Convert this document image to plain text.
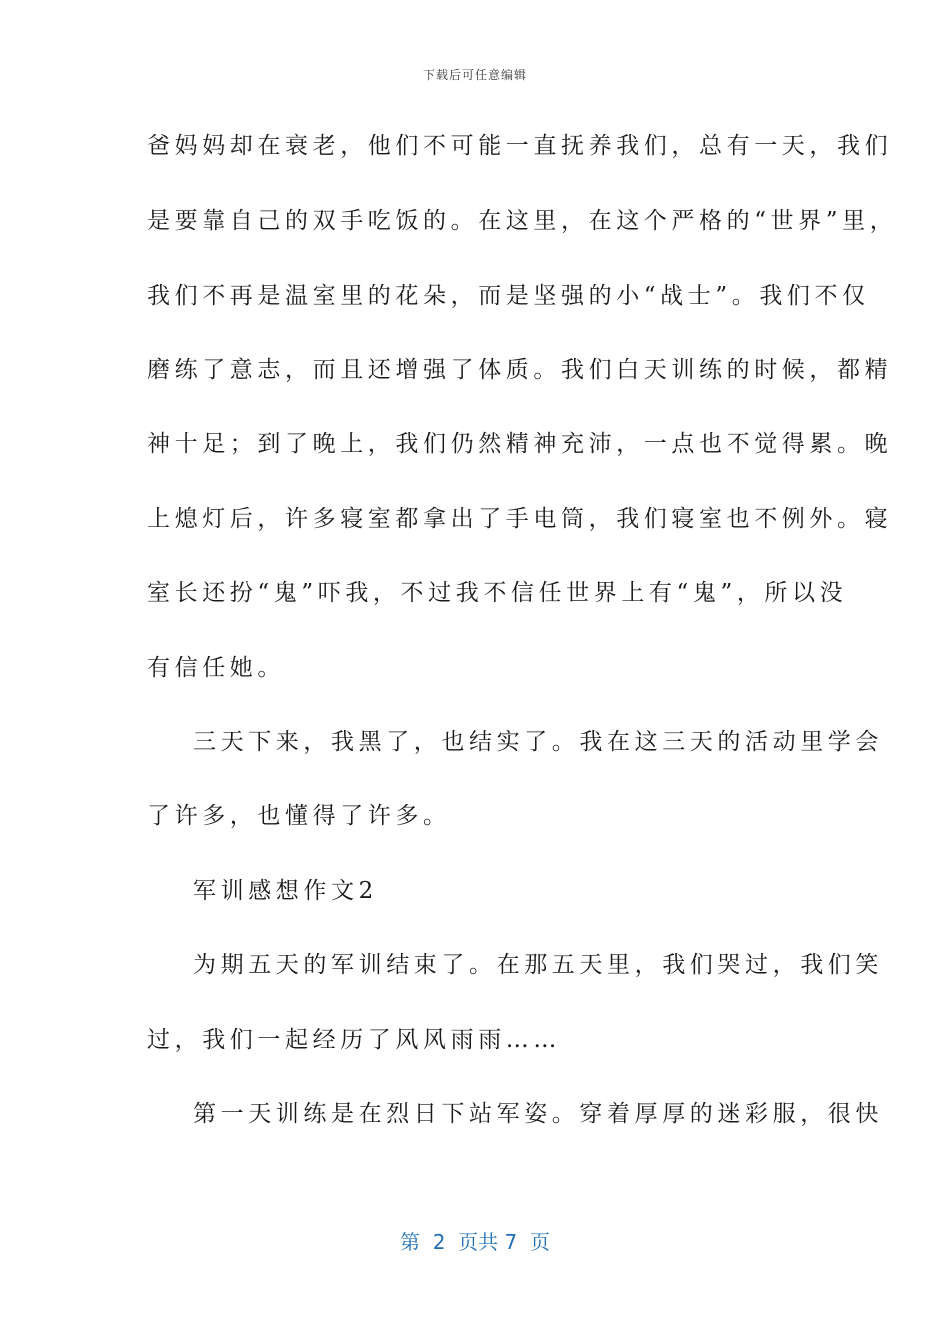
下载后可任意编辑
爸妈妈却在衰老，他们不可能一直抚养我们，总有一天，我们
是要靠自己的双手吃饭的。在这里，在这个严格的“世界”里，
我们不再是温室里的花朵，而是坚强的小“战士”。我们不仅
磨练了意志，而且还增强了体质。我们白天训练的时候，都精
神十足；到了晚上，我们仍然精神充沛，一点也不觉得累。晚
上熄灯后，许多寝室都拿出了手电筒，我们寝室也不例外。寝
室长还扮“鬼”吓我，不过我不信任世界上有“鬼”，所以没
有信任她。
三天下来，我黑了，也结实了。我在这三天的活动里学会
了许多，也懂得了许多。
军训感想作文2
为期五天的军训结束了。在那五天里，我们哭过，我们笑
过，我们一起经历了风风雨雨……
第一天训练是在烈日下站军姿。穿着厚厚的迷彩服，很快
第  2  页共 7  页
